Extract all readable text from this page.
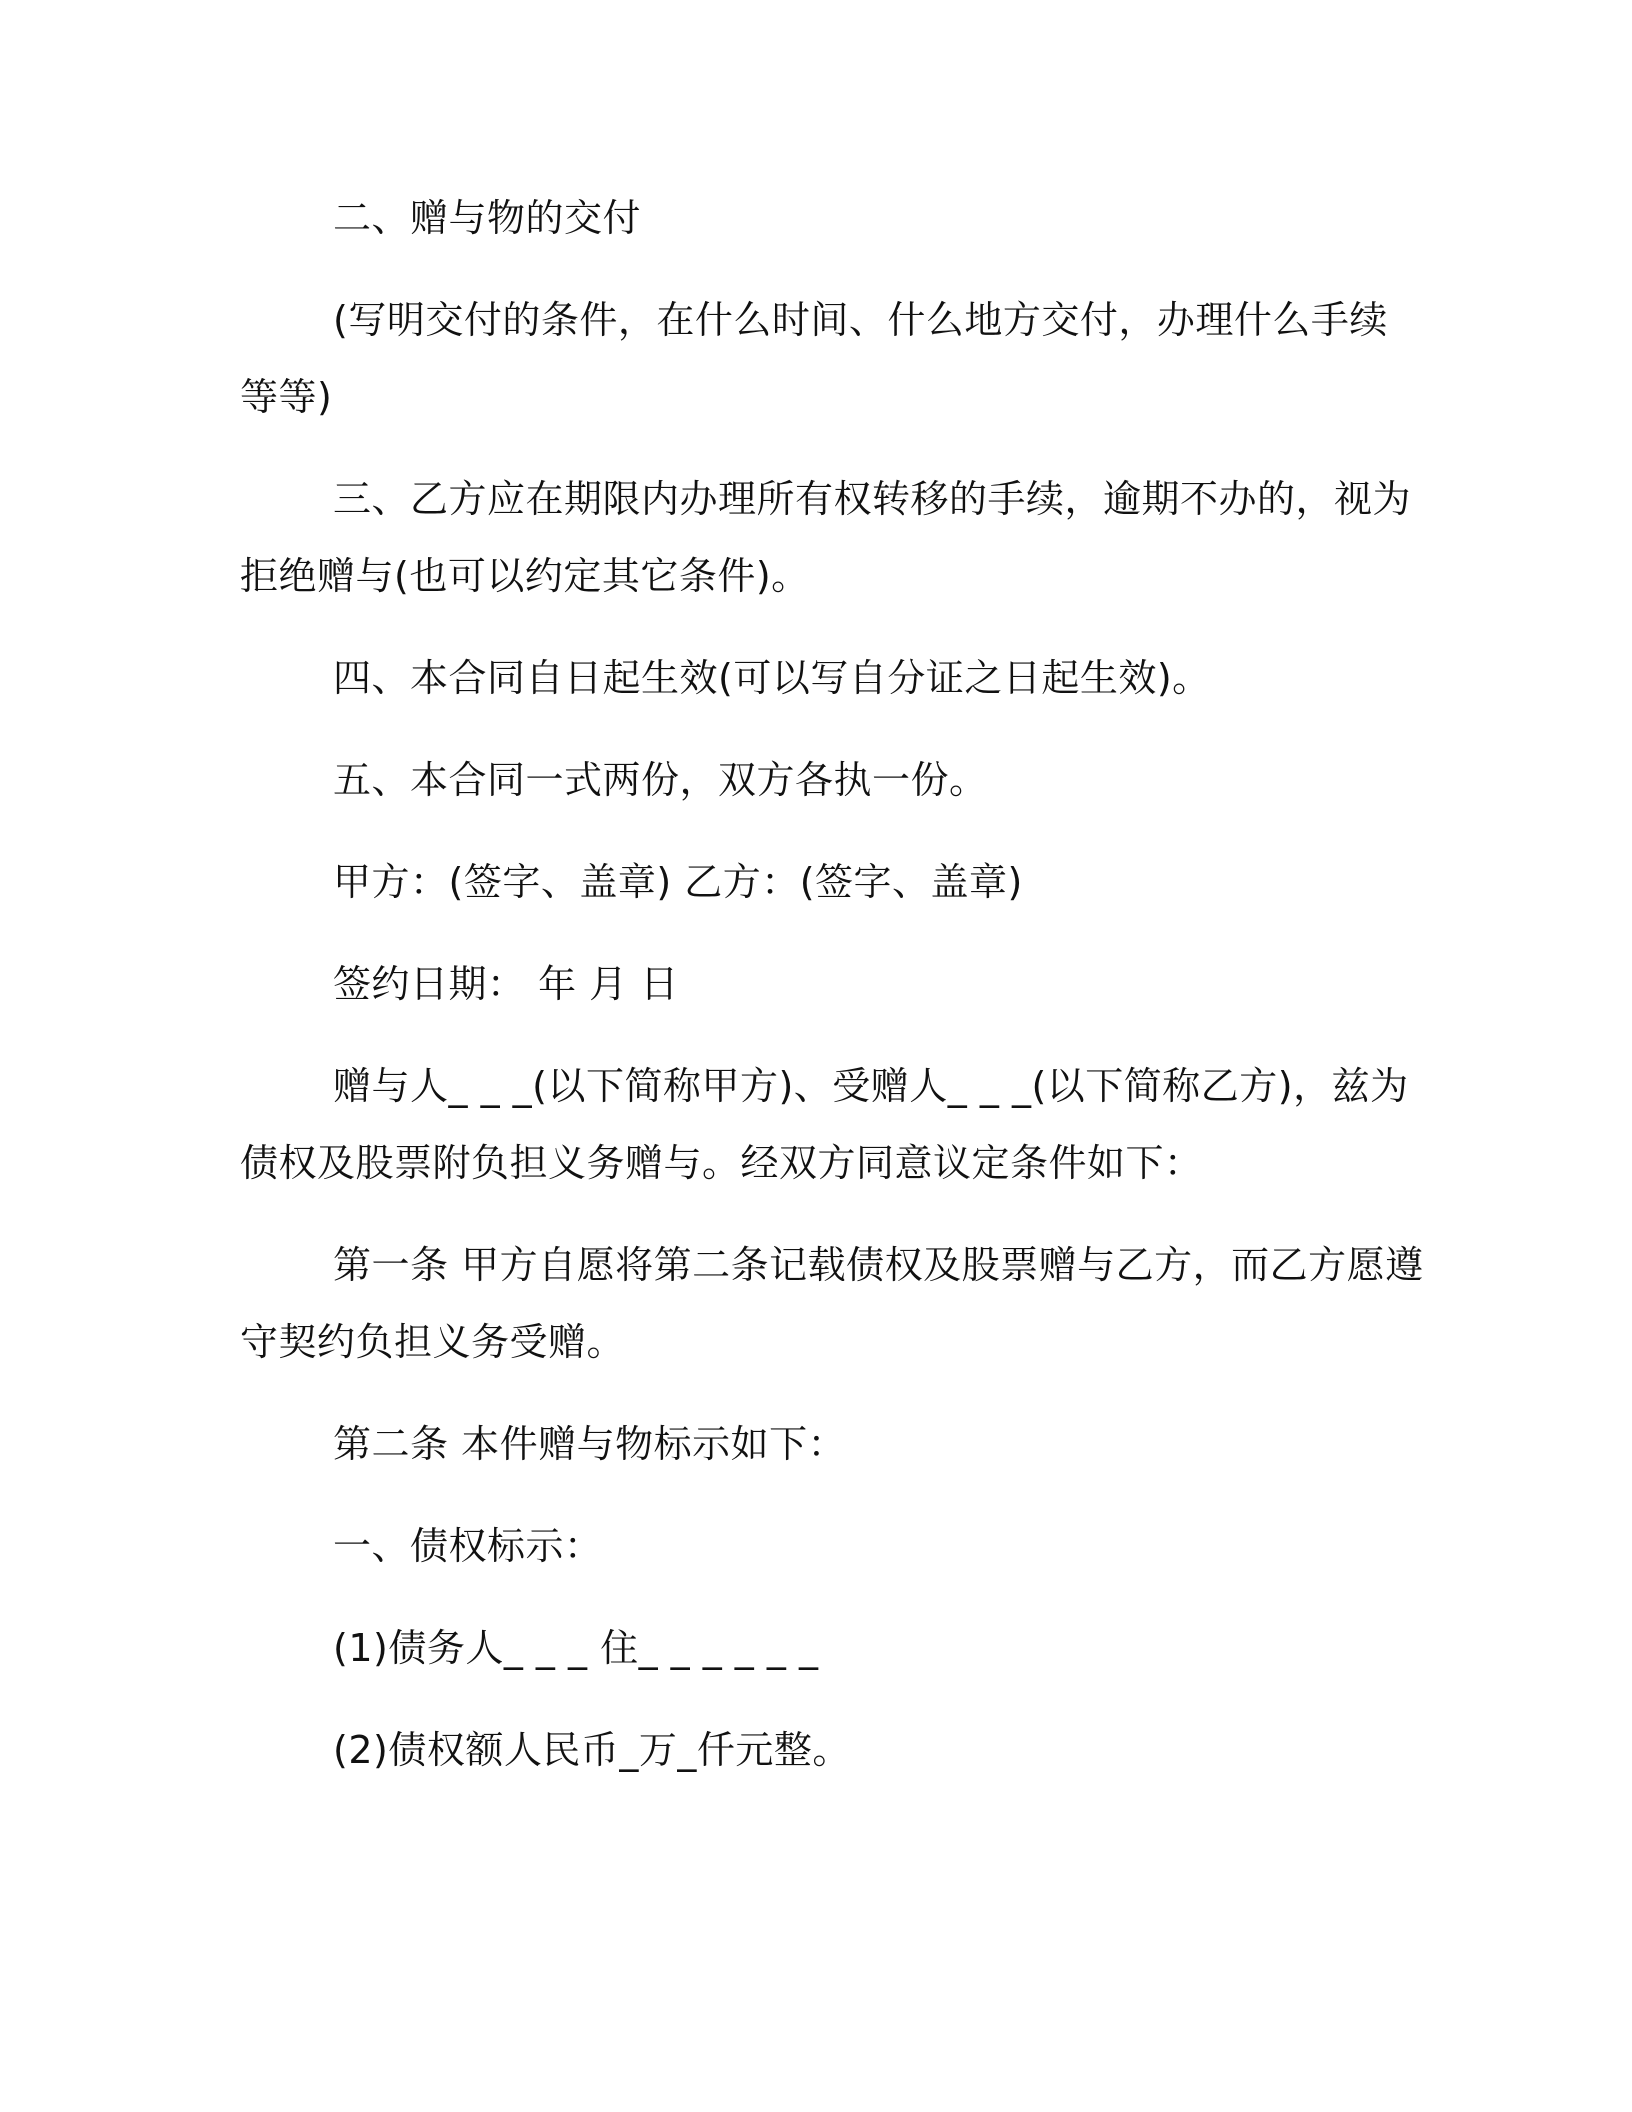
二、赠与物的交付
(写明交付的条件，在什么时间、什么地方交付，办理什么手续
等等)
三、乙方应在期限内办理所有权转移的手续，逾期不办的，视为
拒绝赠与(也可以约定其它条件)。
四、本合同自日起生效(可以写自分证之日起生效)。
五、本合同一式两份，双方各执一份。
甲方：(签字、盖章) 乙方：(签字、盖章)
签约日期： 年 月 日
赠与人_ _ _(以下简称甲方)、受赠人_ _ _(以下简称乙方)，兹为
债权及股票附负担义务赠与。经双方同意议定条件如下：
第一条 甲方自愿将第二条记载债权及股票赠与乙方，而乙方愿遵
守契约负担义务受赠。
第二条 本件赠与物标示如下：
一、债权标示：
(1)债务人_ _ _ 住_ _ _ _ _ _
(2)债权额人民币_万_仟元整。
